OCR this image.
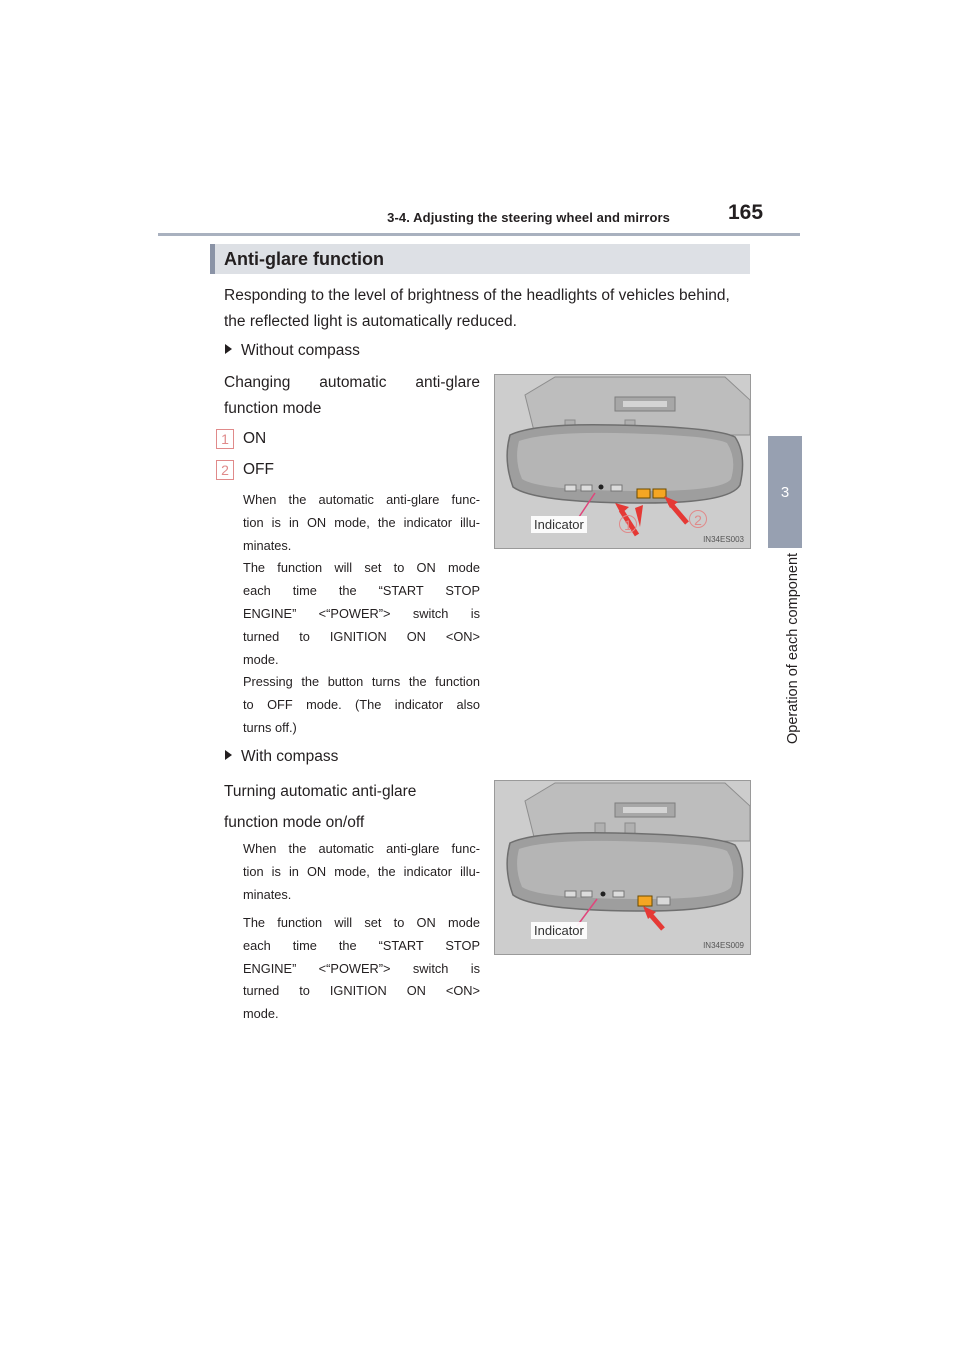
3-4. Adjusting the steering wheel and mirrors	165
3
Operation of each component
Anti-glare function
Responding to the level of brightness of the headlights of vehicles behind,
the reflected light is automatically reduced.
Without compass
Changing automatic anti-glare
function mode
1 ON
2 OFF
When the automatic anti-glare func-
tion is in ON mode, the indicator illu-
minates.
The function will set to ON mode
each time the “START STOP
ENGINE” <“POWER”> switch is
turned to IGNITION ON <ON>
mode.
Pressing the button turns the function
to OFF mode. (The indicator also
turns off.)
Indicator	1	2
IN34ES003
With compass
Turning automatic anti-glare
function mode on/off
When the automatic anti-glare func-
tion is in ON mode, the indicator illu-
minates.
The function will set to ON mode
each time the “START STOP
ENGINE” <“POWER”> switch is
turned to IGNITION ON <ON>
mode.
Indicator
IN34ES009
